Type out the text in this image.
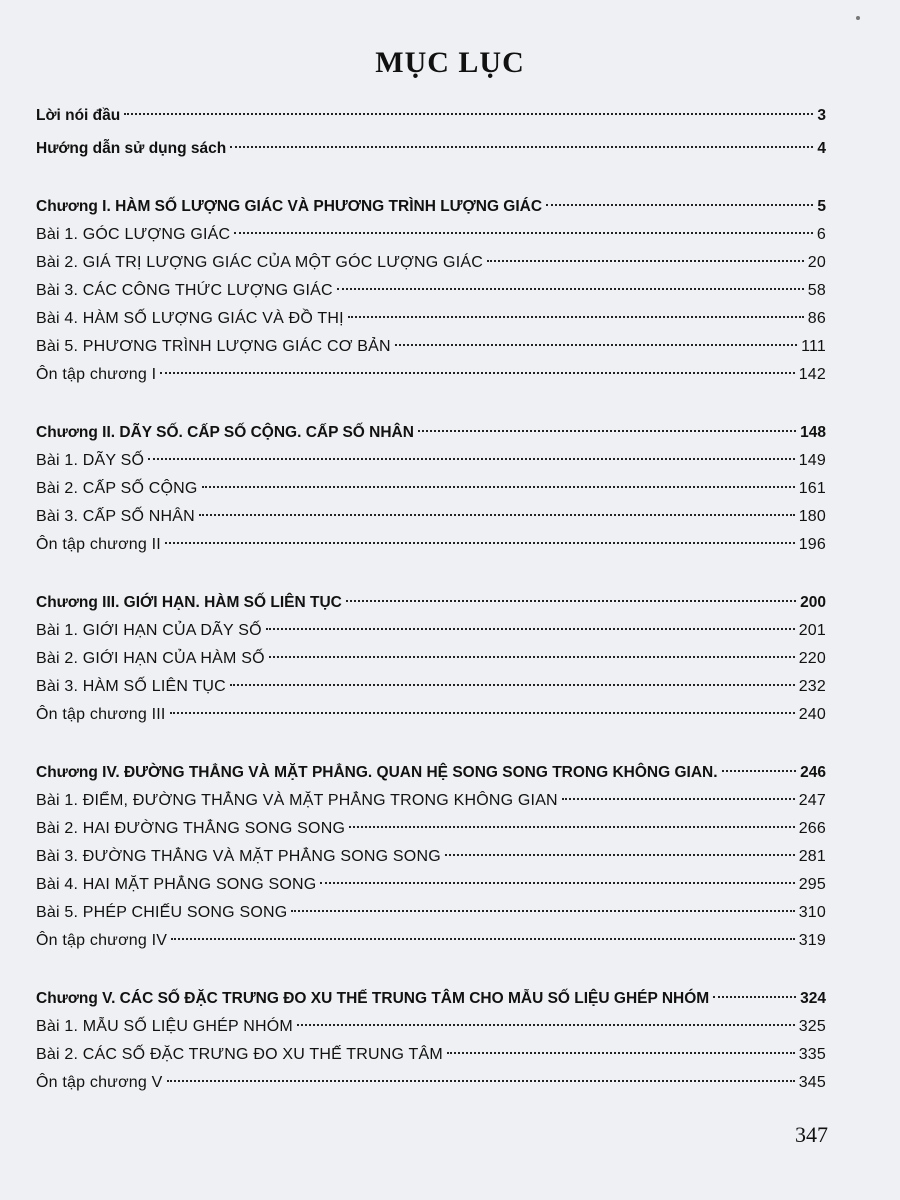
MỤC LỤC
Lời nói đầu	3
Hướng dẫn sử dụng sách	4
Chương I. HÀM SỐ LƯỢNG GIÁC VÀ PHƯƠNG TRÌNH LƯỢNG GIÁC	5
Bài 1. GÓC LƯỢNG GIÁC	6
Bài 2. GIÁ TRỊ LƯỢNG GIÁC CỦA MỘT GÓC LƯỢNG GIÁC	20
Bài 3. CÁC CÔNG THỨC LƯỢNG GIÁC	58
Bài 4. HÀM SỐ LƯỢNG GIÁC VÀ ĐỒ THỊ	86
Bài 5. PHƯƠNG TRÌNH LƯỢNG GIÁC CƠ BẢN	111
Ôn tập chương I	142
Chương II. DÃY SỐ. CẤP SỐ CỘNG. CẤP SỐ NHÂN	148
Bài 1. DÃY SỐ	149
Bài 2. CẤP SỐ CỘNG	161
Bài 3. CẤP SỐ NHÂN	180
Ôn tập chương II	196
Chương III. GIỚI HẠN. HÀM SỐ LIÊN TỤC	200
Bài 1. GIỚI HẠN CỦA DÃY SỐ	201
Bài 2. GIỚI HẠN CỦA HÀM SỐ	220
Bài 3. HÀM SỐ LIÊN TỤC	232
Ôn tập chương III	240
Chương IV. ĐƯỜNG THẲNG VÀ MẶT PHẲNG. QUAN HỆ SONG SONG TRONG KHÔNG GIAN.	246
Bài 1. ĐIỂM, ĐƯỜNG THẲNG VÀ MẶT PHẲNG TRONG KHÔNG GIAN	247
Bài 2. HAI ĐƯỜNG THẲNG SONG SONG	266
Bài 3. ĐƯỜNG THẲNG VÀ MẶT PHẲNG SONG SONG	281
Bài 4. HAI MẶT PHẲNG SONG SONG	295
Bài 5. PHÉP CHIẾU SONG SONG	310
Ôn tập chương IV	319
Chương V. CÁC SỐ ĐẶC TRƯNG ĐO XU THẾ TRUNG TÂM CHO MẪU SỐ LIỆU GHÉP NHÓM	324
Bài 1. MẪU SỐ LIỆU GHÉP NHÓM	325
Bài 2. CÁC SỐ ĐẶC TRƯNG ĐO XU THẾ TRUNG TÂM	335
Ôn tập chương V	345
347
